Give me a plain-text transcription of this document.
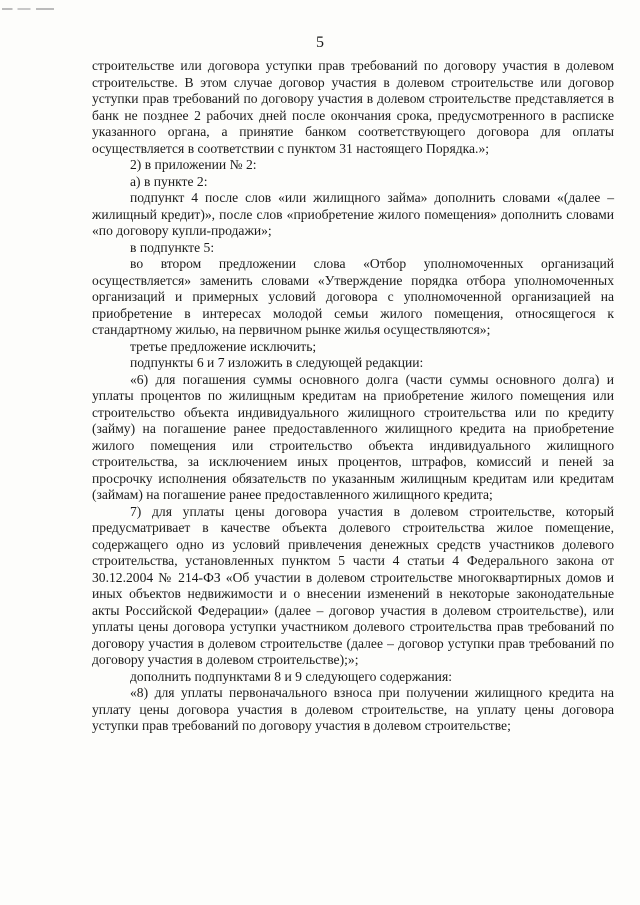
5

строительстве или договора уступки прав требований по договору участия в долевом строительстве. В этом случае договор участия в долевом строительстве или договор уступки прав требований по договору участия в долевом строительстве представляется в банк не позднее 2 рабочих дней после окончания срока, предусмотренного в расписке указанного органа, а принятие банком соответствующего договора для оплаты осуществляется в соответствии с пунктом 31 настоящего Порядка.»;

2) в приложении № 2:

а) в пункте 2:

подпункт 4 после слов «или жилищного займа» дополнить словами «(далее – жилищный кредит)», после слов «приобретение жилого помещения» дополнить словами «по договору купли-продажи»;

в подпункте 5:

во втором предложении слова «Отбор уполномоченных организаций осуществляется» заменить словами «Утверждение порядка отбора уполномоченных организаций и примерных условий договора с уполномоченной организацией на приобретение в интересах молодой семьи жилого помещения, относящегося к стандартному жилью, на первичном рынке жилья осуществляются»;

третье предложение исключить;

подпункты 6 и 7 изложить в следующей редакции:

«6) для погашения суммы основного долга (части суммы основного долга) и уплаты процентов по жилищным кредитам на приобретение жилого помещения или строительство объекта индивидуального жилищного строительства или по кредиту (займу) на погашение ранее предоставленного жилищного кредита на приобретение жилого помещения или строительство объекта индивидуального жилищного строительства, за исключением иных процентов, штрафов, комиссий и пеней за просрочку исполнения обязательств по указанным жилищным кредитам или кредитам (займам) на погашение ранее предоставленного жилищного кредита;

7) для уплаты цены договора участия в долевом строительстве, который предусматривает в качестве объекта долевого строительства жилое помещение, содержащего одно из условий привлечения денежных средств участников долевого строительства, установленных пунктом 5 части 4 статьи 4 Федерального закона от 30.12.2004 № 214-ФЗ «Об участии в долевом строительстве многоквартирных домов и иных объектов недвижимости и о внесении изменений в некоторые законодательные акты Российской Федерации» (далее – договор участия в долевом строительстве), или уплаты цены договора уступки участником долевого строительства прав требований по договору участия в долевом строительстве (далее – договор уступки прав требований по договору участия в долевом строительстве);»;

дополнить подпунктами 8 и 9 следующего содержания:

«8) для уплаты первоначального взноса при получении жилищного кредита на уплату цены договора участия в долевом строительстве, на уплату цены договора уступки прав требований по договору участия в долевом строительстве;
